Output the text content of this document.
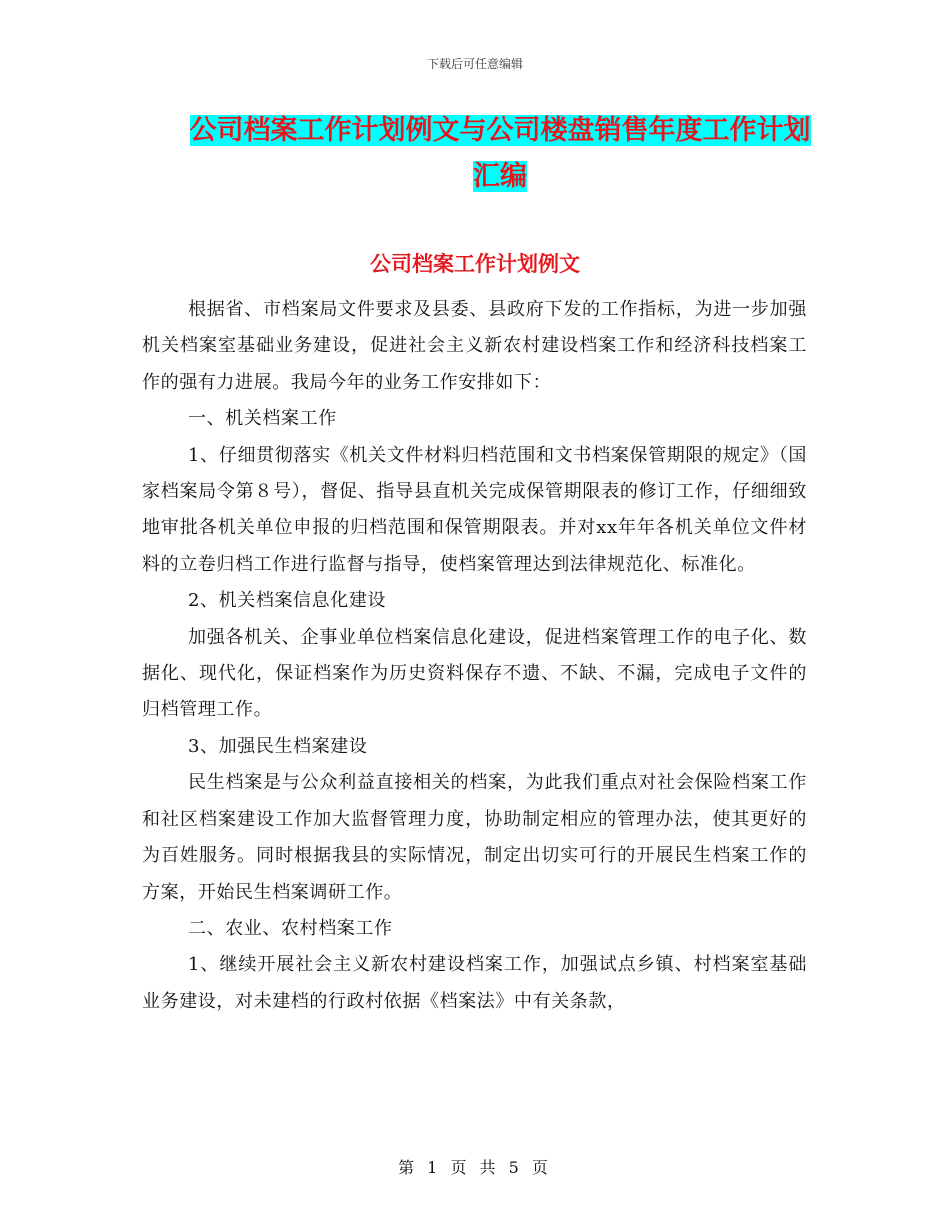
下载后可任意编辑
公司档案工作计划例文与公司楼盘销售年度工作计划
汇编
公司档案工作计划例文

根据省、市档案局文件要求及县委、县政府下发的工作指标，为进一步加强机关档案室基础业务建设，促进社会主义新农村建设档案工作和经济科技档案工作的强有力进展。我局今年的业务工作安排如下：

一、机关档案工作

1、仔细贯彻落实《机关文件材料归档范围和文书档案保管期限的规定》（国家档案局令第８号），督促、指导县直机关完成保管期限表的修订工作，仔细细致地审批各机关单位申报的归档范围和保管期限表。并对xx年年各机关单位文件材料的立卷归档工作进行监督与指导，使档案管理达到法律规范化、标准化。

2、机关档案信息化建设

加强各机关、企事业单位档案信息化建设，促进档案管理工作的电子化、数据化、现代化，保证档案作为历史资料保存不遗、不缺、不漏，完成电子文件的归档管理工作。

3、加强民生档案建设

民生档案是与公众利益直接相关的档案，为此我们重点对社会保险档案工作和社区档案建设工作加大监督管理力度，协助制定相应的管理办法，使其更好的为百姓服务。同时根据我县的实际情况，制定出切实可行的开展民生档案工作的方案，开始民生档案调研工作。

二、农业、农村档案工作

1、继续开展社会主义新农村建设档案工作，加强试点乡镇、村档案室基础业务建设，对未建档的行政村依据《档案法》中有关条款，

第 1 页 共 5 页
